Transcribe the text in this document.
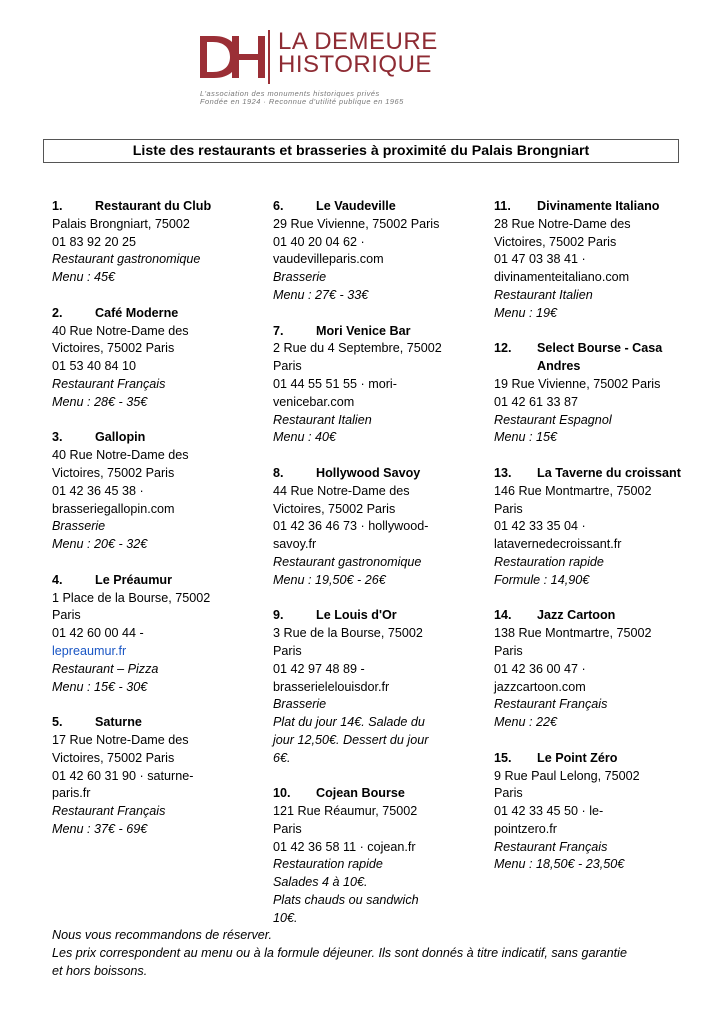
LA DEMEURE
HISTORIQUE
L'association des monuments historiques privés
Fondée en 1924 · Reconnue d'utilité publique en 1965
Liste des restaurants et brasseries à proximité du Palais Brongniart
1.	Restaurant du Club
Palais Brongniart, 75002
01 83 92 20 25
Restaurant gastronomique
Menu : 45€
2.	Café Moderne
40 Rue Notre-Dame des
Victoires, 75002 Paris
01 53 40 84 10
Restaurant Français
Menu : 28€ - 35€
3.	Gallopin
40 Rue Notre-Dame des
Victoires, 75002 Paris
01 42 36 45 38 ·
brasseriegallopin.com
Brasserie
Menu : 20€ - 32€
4.	Le Préaumur
1 Place de la Bourse, 75002
Paris
01 42 60 00 44 -
lepreaumur.fr
Restaurant – Pizza
Menu : 15€ - 30€
5.	Saturne
17 Rue Notre-Dame des
Victoires, 75002 Paris
01 42 60 31 90 · saturne-
paris.fr
Restaurant Français
Menu : 37€ - 69€
6.	Le Vaudeville
29 Rue Vivienne, 75002 Paris
01 40 20 04 62 ·
vaudevilleparis.com
Brasserie
Menu : 27€ - 33€
7.	Mori Venice Bar
2 Rue du 4 Septembre, 75002
Paris
01 44 55 51 55 · mori-
venicebar.com
Restaurant Italien
Menu : 40€
8.	Hollywood Savoy
44 Rue Notre-Dame des
Victoires, 75002 Paris
01 42 36 46 73 · hollywood-
savoy.fr
Restaurant gastronomique
Menu : 19,50€ - 26€
9.	Le Louis d'Or
3 Rue de la Bourse, 75002
Paris
01 42 97 48 89 -
brasserielelouisdor.fr
Brasserie
Plat du jour 14€. Salade du
jour 12,50€. Dessert du jour
6€.
10.	Cojean Bourse
121 Rue Réaumur, 75002
Paris
01 42 36 58 11 · cojean.fr
Restauration rapide
Salades 4 à 10€.
Plats chauds ou sandwich
10€.
11.	Divinamente Italiano
28 Rue Notre-Dame des
Victoires, 75002 Paris
01 47 03 38 41 ·
divinamenteitaliano.com
Restaurant Italien
Menu : 19€
12.	Select Bourse - Casa Andres
19 Rue Vivienne, 75002 Paris
01 42 61 33 87
Restaurant Espagnol
Menu : 15€
13.	La Taverne du croissant
146 Rue Montmartre, 75002
Paris
01 42 33 35 04 ·
latavernedecroissant.fr
Restauration rapide
Formule : 14,90€
14.	Jazz Cartoon
138 Rue Montmartre, 75002
Paris
01 42 36 00 47 ·
jazzcartoon.com
Restaurant Français
Menu : 22€
15.	Le Point Zéro
9 Rue Paul Lelong, 75002
Paris
01 42 33 45 50 · le-
pointzero.fr
Restaurant Français
Menu : 18,50€ - 23,50€
Nous vous recommandons de réserver.
Les prix correspondent au menu ou à la formule déjeuner. Ils sont donnés à titre indicatif, sans garantie
et hors boissons.
